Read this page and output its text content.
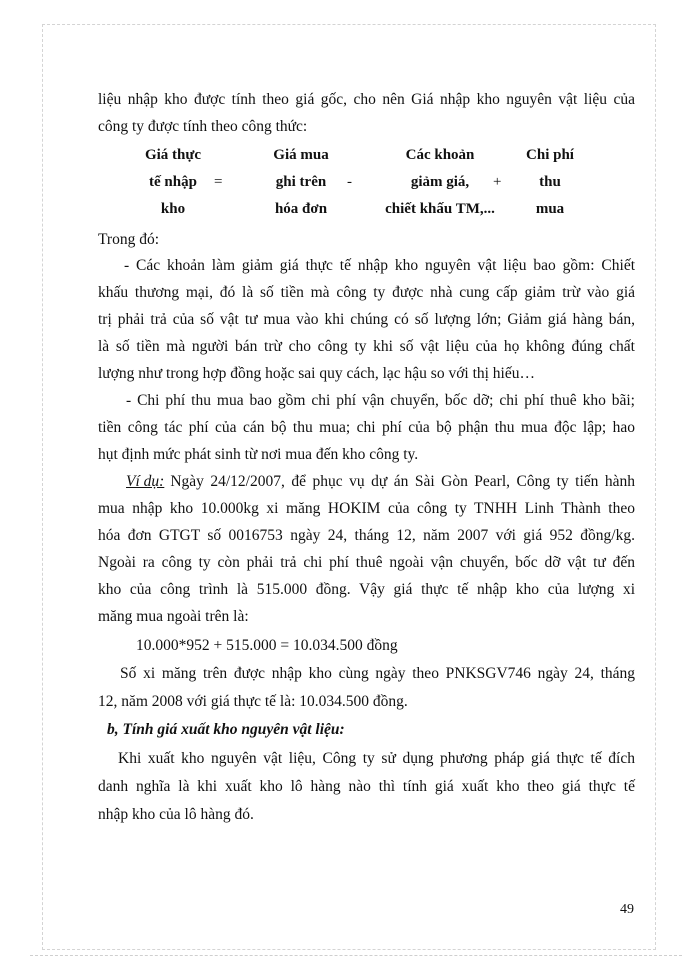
liệu nhập kho được tính theo giá gốc, cho nên Giá nhập kho nguyên vật liệu của
công ty được tính theo công thức:
Giá thực
tế nhập
kho
=
Giá mua
ghi trên
hóa đơn
-
Các khoản
giảm giá,
chiết khấu TM,...
+
Chi phí
thu
mua
Trong đó:
- Các khoản làm giảm giá thực tế nhập kho nguyên vật liệu bao gồm: Chiết
khấu thương mại, đó là số tiền mà công ty được nhà cung cấp giảm trừ vào giá
trị phải trả của số vật tư mua vào khi chúng có số lượng lớn; Giảm giá hàng bán,
là số tiền mà người bán trừ cho công ty khi số vật liệu của họ không đúng chất
lượng như trong hợp đồng hoặc sai quy cách, lạc hậu so với thị hiếu…
- Chi phí thu mua bao gồm chi phí vận chuyển, bốc dỡ; chi phí thuê kho bãi;
tiền công tác phí của cán bộ thu mua; chi phí của bộ phận thu mua độc lập; hao
hụt định mức phát sinh từ nơi mua đến kho công ty.
Ví dụ: Ngày 24/12/2007, để phục vụ dự án Sài Gòn Pearl, Công ty tiến hành
mua nhập kho 10.000kg xi măng HOKIM của công ty TNHH Linh Thành theo
hóa đơn GTGT số 0016753 ngày 24, tháng 12, năm 2007 với giá 952 đồng/kg.
Ngoài ra công ty còn phải trả chi phí thuê ngoài vận chuyển, bốc dỡ vật tư đến
kho của công trình là 515.000 đồng. Vậy giá thực tế nhập kho của lượng xi
măng mua ngoài trên là:
10.000*952 + 515.000 = 10.034.500 đồng
Số xi măng trên được nhập kho cùng ngày theo PNKSGV746 ngày 24, tháng
12, năm 2008 với giá thực tế là: 10.034.500 đồng.
b, Tính giá xuất kho nguyên vật liệu:
Khi xuất kho nguyên vật liệu, Công ty sử dụng phương pháp giá thực tế đích
danh nghĩa là khi xuất kho lô hàng nào thì tính giá xuất kho theo giá thực tế
nhập kho của lô hàng đó.
49
